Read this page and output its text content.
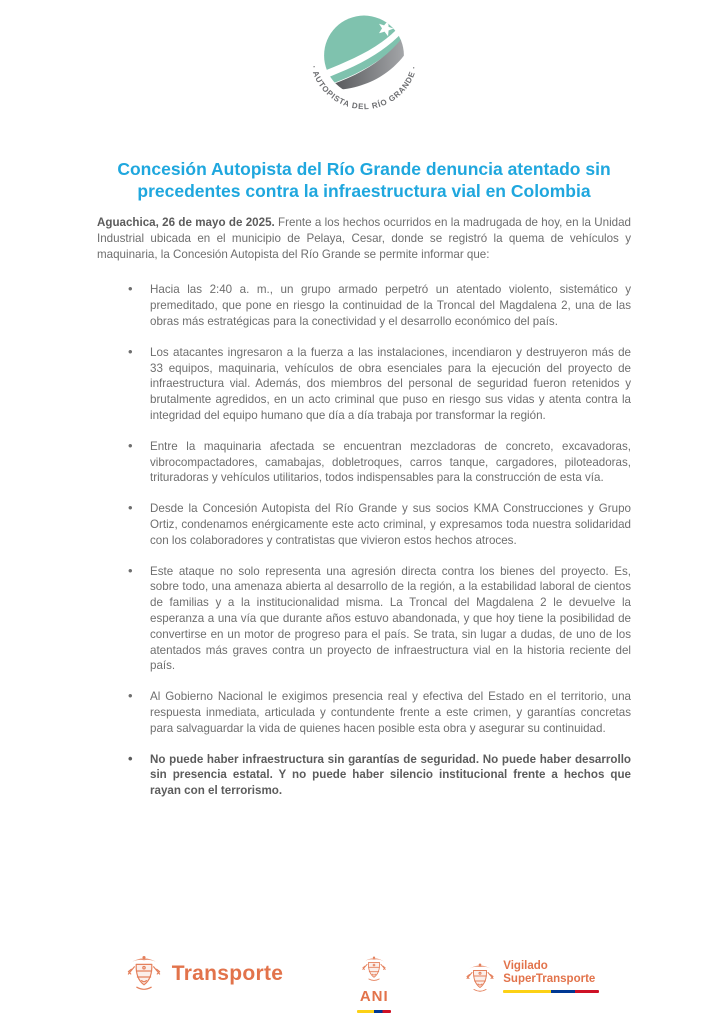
· AUTOPISTA DEL RÍO GRANDE ·
Concesión Autopista del Río Grande denuncia atentado sin precedentes contra la infraestructura vial en Colombia

Aguachica, 26 de mayo de 2025. Frente a los hechos ocurridos en la madrugada de hoy, en la Unidad Industrial ubicada en el municipio de Pelaya, Cesar, donde se registró la quema de vehículos y maquinaria, la Concesión Autopista del Río Grande se permite informar que:

• Hacia las 2:40 a. m., un grupo armado perpetró un atentado violento, sistemático y premeditado, que pone en riesgo la continuidad de la Troncal del Magdalena 2, una de las obras más estratégicas para la conectividad y el desarrollo económico del país.
• Los atacantes ingresaron a la fuerza a las instalaciones, incendiaron y destruyeron más de 33 equipos, maquinaria, vehículos de obra esenciales para la ejecución del proyecto de infraestructura vial. Además, dos miembros del personal de seguridad fueron retenidos y brutalmente agredidos, en un acto criminal que puso en riesgo sus vidas y atenta contra la integridad del equipo humano que día a día trabaja por transformar la región.
• Entre la maquinaria afectada se encuentran mezcladoras de concreto, excavadoras, vibrocompactadores, camabajas, dobletroques, carros tanque, cargadores, piloteadoras, trituradoras y vehículos utilitarios, todos indispensables para la construcción de esta vía.
• Desde la Concesión Autopista del Río Grande y sus socios KMA Construcciones y Grupo Ortiz, condenamos enérgicamente este acto criminal, y expresamos toda nuestra solidaridad con los colaboradores y contratistas que vivieron estos hechos atroces.
• Este ataque no solo representa una agresión directa contra los bienes del proyecto. Es, sobre todo, una amenaza abierta al desarrollo de la región, a la estabilidad laboral de cientos de familias y a la institucionalidad misma. La Troncal del Magdalena 2 le devuelve la esperanza a una vía que durante años estuvo abandonada, y que hoy tiene la posibilidad de convertirse en un motor de progreso para el país. Se trata, sin lugar a dudas, de uno de los atentados más graves contra un proyecto de infraestructura vial en la historia reciente del país.
• Al Gobierno Nacional le exigimos presencia real y efectiva del Estado en el territorio, una respuesta inmediata, articulada y contundente frente a este crimen, y garantías concretas para salvaguardar la vida de quienes hacen posible esta obra y asegurar su continuidad.
• No puede haber infraestructura sin garantías de seguridad. No puede haber desarrollo sin presencia estatal. Y no puede haber silencio institucional frente a hechos que rayan con el terrorismo.
Transporte
ANI
Vigilado
SuperTransporte
